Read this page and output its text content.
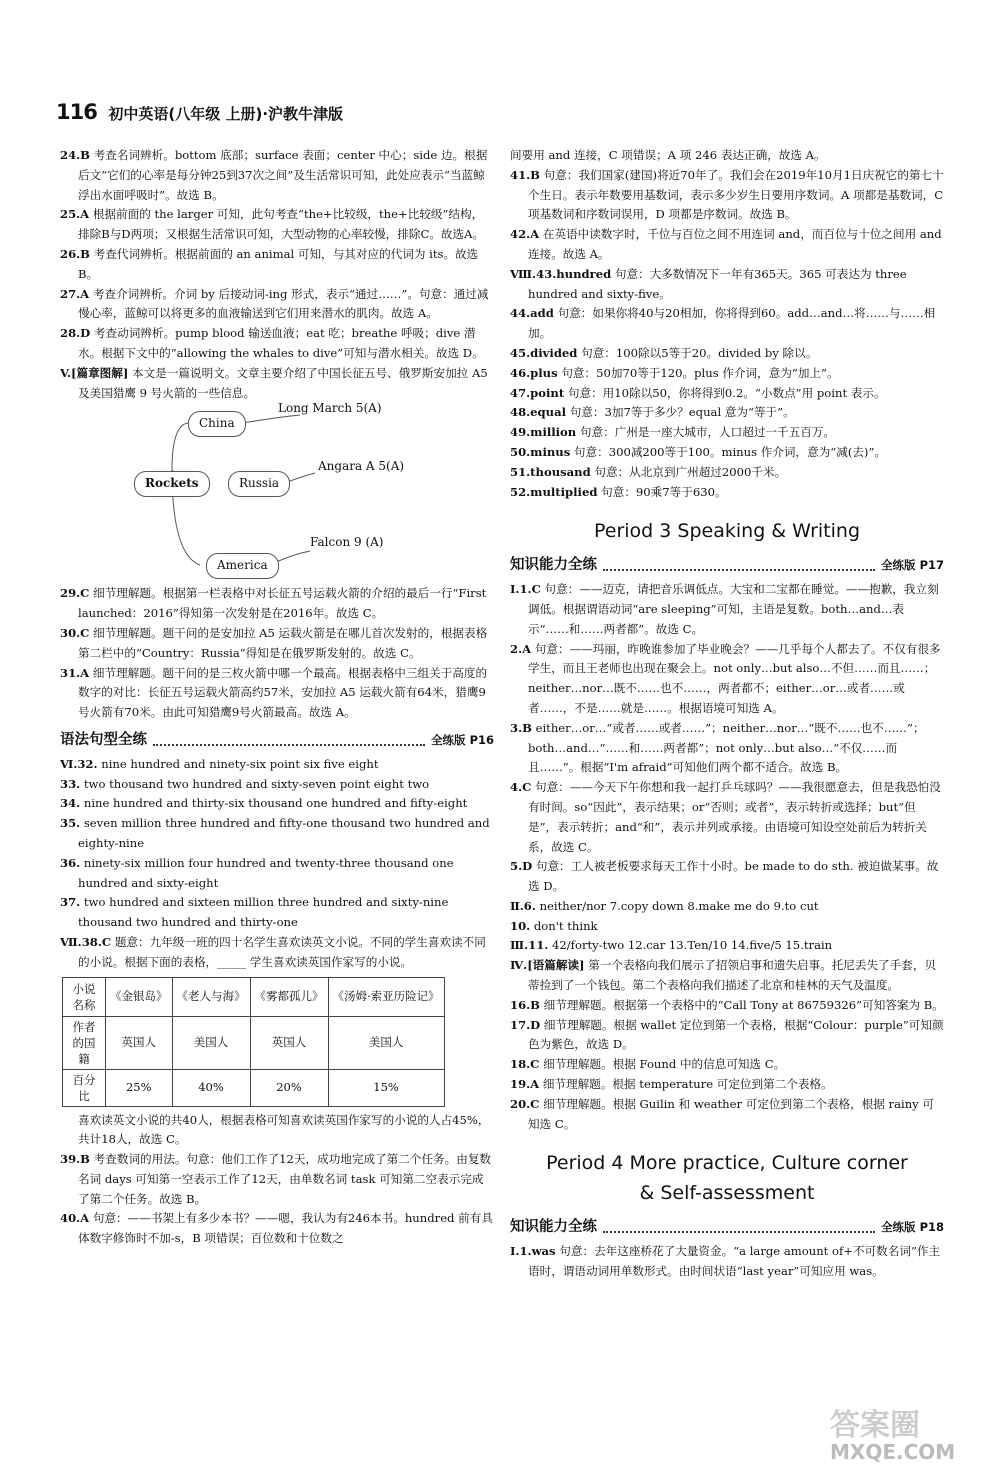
116 初中英语(八年级 上册)·沪教牛津版

24.B 考查名词辨析。bottom 底部；surface 表面；center 中心；side 边。根据后文“它们的心率是每分钟25到37次之间”及生活常识可知，此处应表示“当蓝鲸浮出水面呼吸时”。故选 B。

25.A 根据前面的 the larger 可知，此句考查“the+比较级，the+比较级”结构，排除B与D两项；又根据生活常识可知，大型动物的心率较慢，排除C。故选A。

26.B 考查代词辨析。根据前面的 an animal 可知，与其对应的代词为 its。故选 B。

27.A 考查介词辨析。介词 by 后接动词-ing 形式，表示“通过……”。句意：通过减慢心率，蓝鲸可以将更多的血液输送到它们用来潜水的肌肉。故选 A。

28.D 考查动词辨析。pump blood 输送血液；eat 吃；breathe 呼吸；dive 潜水。根据下文中的“allowing the whales to dive”可知与潜水相关。故选 D。

V.[篇章图解] 本文是一篇说明文。文章主要介绍了中国长征五号、俄罗斯安加拉 A5 及美国猎鹰 9 号火箭的一些信息。

Rockets
China
Russia
America
Long March 5(A)
Angara A 5(A)
Falcon 9 (A)

29.C 细节理解题。根据第一栏表格中对长征五号运载火箭的介绍的最后一行“First launched：2016”得知第一次发射是在2016年。故选 C。

30.C 细节理解题。题干问的是安加拉 A5 运载火箭是在哪儿首次发射的，根据表格第二栏中的“Country：Russia”得知是在俄罗斯发射的。故选 C。

31.A 细节理解题。题干问的是三枚火箭中哪一个最高。根据表格中三组关于高度的数字的对比：长征五号运载火箭高约57米，安加拉 A5 运载火箭有64米，猎鹰9号火箭有70米。由此可知猎鹰9号火箭最高。故选 A。

语法句型全练	全练版 P16

Ⅵ.32. nine hundred and ninety-six point six five eight

33. two thousand two hundred and sixty-seven point eight two

34. nine hundred and thirty-six thousand one hundred and fifty-eight

35. seven million three hundred and fifty-one thousand two hundred and eighty-nine

36. ninety-six million four hundred and twenty-three thousand one hundred and sixty-eight

37. two hundred and sixteen million three hundred and sixty-nine thousand two hundred and thirty-one

Ⅶ.38.C 题意：九年级一班的四十名学生喜欢读英文小说。不同的学生喜欢读不同的小说。根据下面的表格，_____ 学生喜欢读英国作家写的小说。

小说名称	《金银岛》	《老人与海》	《雾都孤儿》	《汤姆·索亚历险记》
作者的国籍	英国人	美国人	英国人	美国人
百分比	25%	40%	20%	15%

喜欢读英文小说的共40人，根据表格可知喜欢读英国作家写的小说的人占45%，共计18人，故选 C。

39.B 考查数词的用法。句意：他们工作了12天，成功地完成了第二个任务。由复数名词 days 可知第一空表示工作了12天，由单数名词 task 可知第二空表示完成了第二个任务。故选 B。

40.A 句意：——书架上有多少本书？——嗯，我认为有246本书。hundred 前有具体数字修饰时不加-s，B 项错误；百位数和十位数之

间要用 and 连接，C 项错误；A 项 246 表达正确，故选 A。

41.B 句意：我们国家(建国)将近70年了。我们会在2019年10月1日庆祝它的第七十个生日。表示年数要用基数词，表示多少岁生日要用序数词。A 项都是基数词，C 项基数词和序数词误用，D 项都是序数词。故选 B。

42.A 在英语中读数字时，千位与百位之间不用连词 and，而百位与十位之间用 and 连接。故选 A。

Ⅷ.43.hundred 句意：大多数情况下一年有365天。365 可表达为 three hundred and sixty-five。

44.add 句意：如果你将40与20相加，你将得到60。add…and…将……与……相加。

45.divided 句意：100除以5等于20。divided by 除以。

46.plus 句意：50加70等于120。plus 作介词，意为“加上”。

47.point 句意：用10除以50，你将得到0.2。“小数点”用 point 表示。

48.equal 句意：3加7等于多少？equal 意为“等于”。

49.million 句意：广州是一座大城市，人口超过一千五百万。

50.minus 句意：300减200等于100。minus 作介词，意为“减(去)”。

51.thousand 句意：从北京到广州超过2000千米。

52.multiplied 句意：90乘7等于630。

Period 3 Speaking & Writing
知识能力全练	全练版 P17

Ⅰ.1.C 句意：——迈克，请把音乐调低点。大宝和二宝都在睡觉。——抱歉，我立刻调低。根据谓语动词“are sleeping”可知，主语是复数。both…and…表示“……和……两者都”。故选 C。

2.A 句意：——玛丽，昨晚谁参加了毕业晚会？——几乎每个人都去了。不仅有很多学生，而且王老师也出现在聚会上。not only…but also…不但……而且……；neither…nor…既不……也不……，两者都不；either…or…或者……或者……，不是……就是……。根据语境可知选 A。

3.B either…or…“或者……或者……”；neither…nor…“既不……也不……”；both…and…“……和……两者都”；not only…but also…“不仅……而且……”。根据“I'm afraid”可知他们两个都不适合。故选 B。

4.C 句意：——今天下午你想和我一起打乒乓球吗？——我很愿意去，但是我恐怕没有时间。so“因此”，表示结果；or“否则；或者”，表示转折或选择；but“但是”，表示转折；and“和”，表示并列或承接。由语境可知设空处前后为转折关系，故选 C。

5.D 句意：工人被老板要求每天工作十小时。be made to do sth. 被迫做某事。故选 D。

Ⅱ.6. neither/nor 7.copy down 8.make me do 9.to cut

10. don't think

Ⅲ.11. 42/forty-two 12.car 13.Ten/10 14.five/5 15.train

Ⅳ.[语篇解读] 第一个表格向我们展示了招领启事和遗失启事。托尼丢失了手套，贝蒂捡到了一个钱包。第二个表格向我们描述了北京和桂林的天气及温度。

16.B 细节理解题。根据第一个表格中的“Call Tony at 86759326”可知答案为 B。

17.D 细节理解题。根据 wallet 定位到第一个表格，根据“Colour：purple”可知颜色为紫色，故选 D。

18.C 细节理解题。根据 Found 中的信息可知选 C。

19.A 细节理解题。根据 temperature 可定位到第二个表格。

20.C 细节理解题。根据 Guilin 和 weather 可定位到第二个表格，根据 rainy 可知选 C。

Period 4 More practice, Culture corner
& Self-assessment
知识能力全练	全练版 P18

Ⅰ.1.was 句意：去年这座桥花了大量资金。“a large amount of+不可数名词”作主语时，谓语动词用单数形式。由时间状语“last year”可知应用 was。

答案圈
MXQE.COM
